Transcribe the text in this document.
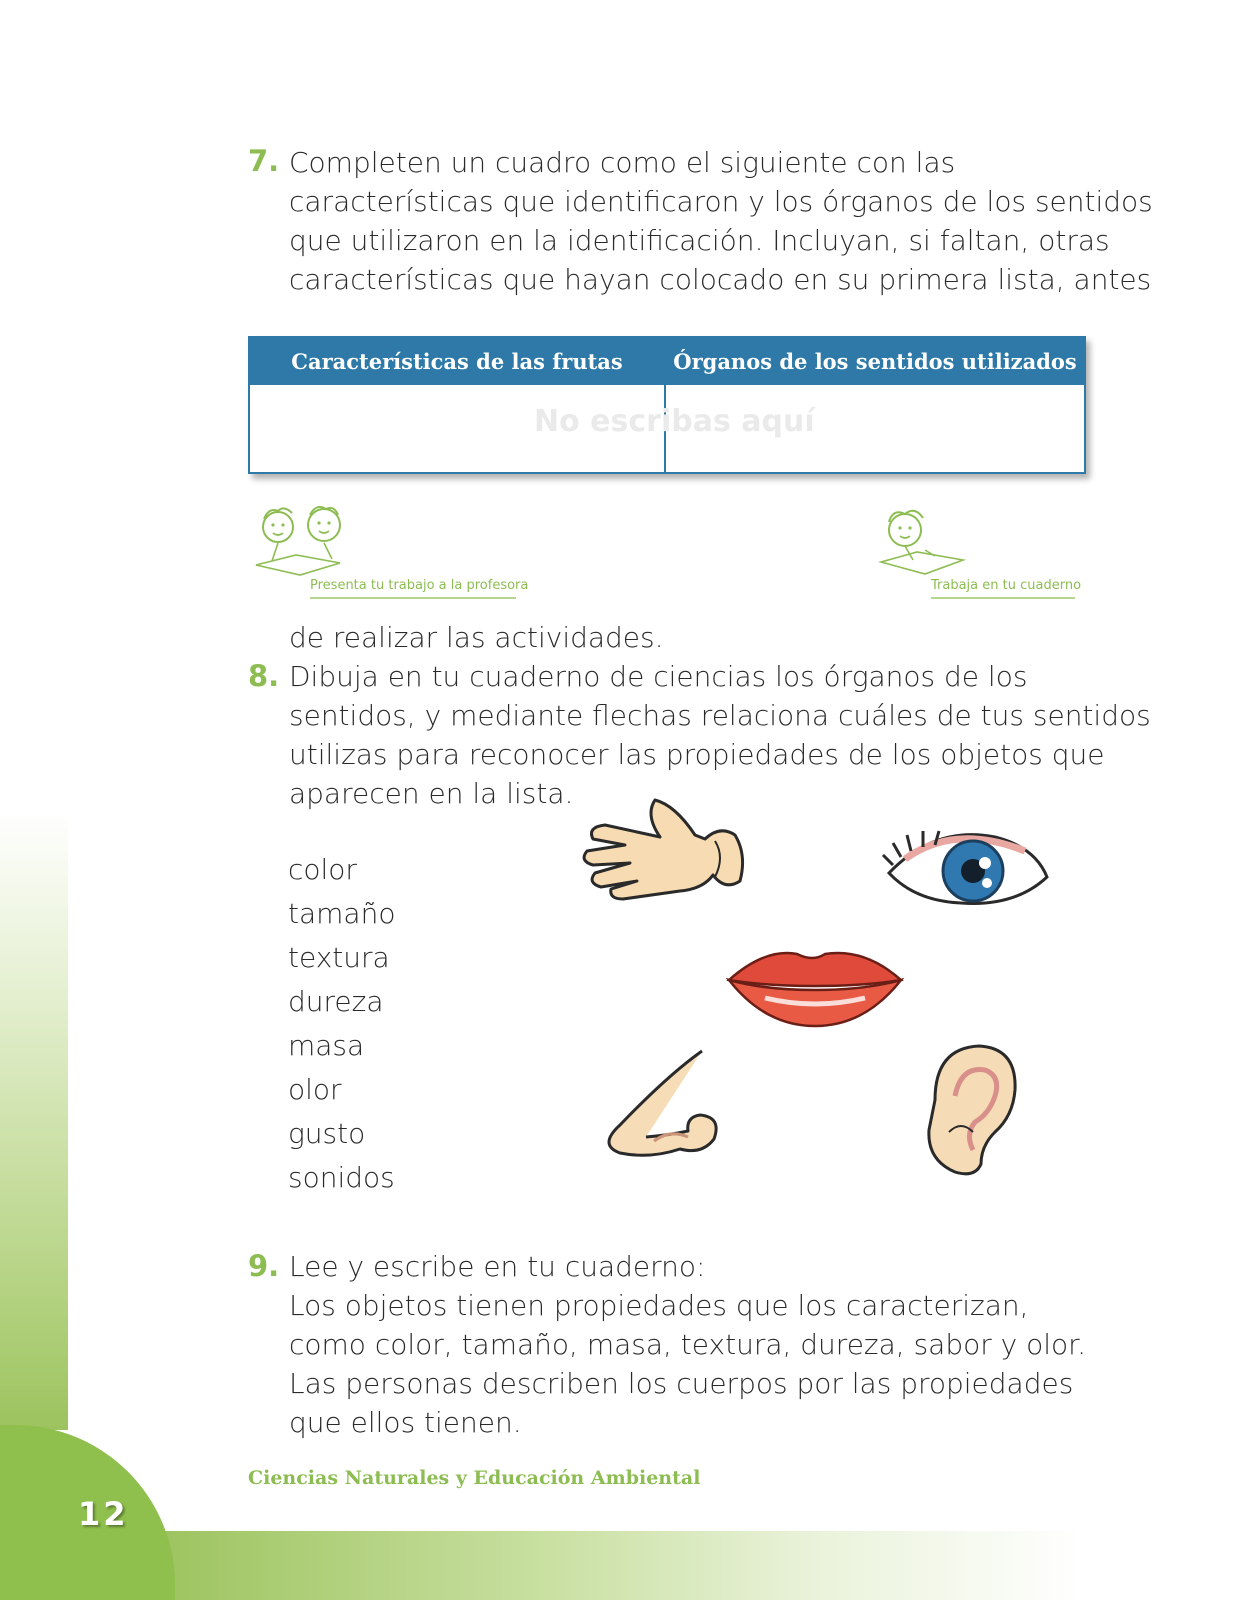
12
Ciencias Naturales y Educación Ambiental
7. Completen un cuadro como el siguiente con las
características que identificaron y los órganos de los sentidos
que utilizaron en la identificación. Incluyan, si faltan, otras
características que hayan colocado en su primera lista, antes
Características de las frutas	Órganos de los sentidos utilizados
No escribas aquí
Presenta tu trabajo a la profesora	Trabaja en tu cuaderno
de realizar las actividades.
8. Dibuja en tu cuaderno de ciencias los órganos de los
sentidos, y mediante flechas relaciona cuáles de tus sentidos
utilizas para reconocer las propiedades de los objetos que
aparecen en la lista.
color
tamaño
textura
dureza
masa
olor
gusto
sonidos
9. Lee y escribe en tu cuaderno:
Los objetos tienen propiedades que los caracterizan,
como color, tamaño, masa, textura, dureza, sabor y olor.
Las personas describen los cuerpos por las propiedades
que ellos tienen.
